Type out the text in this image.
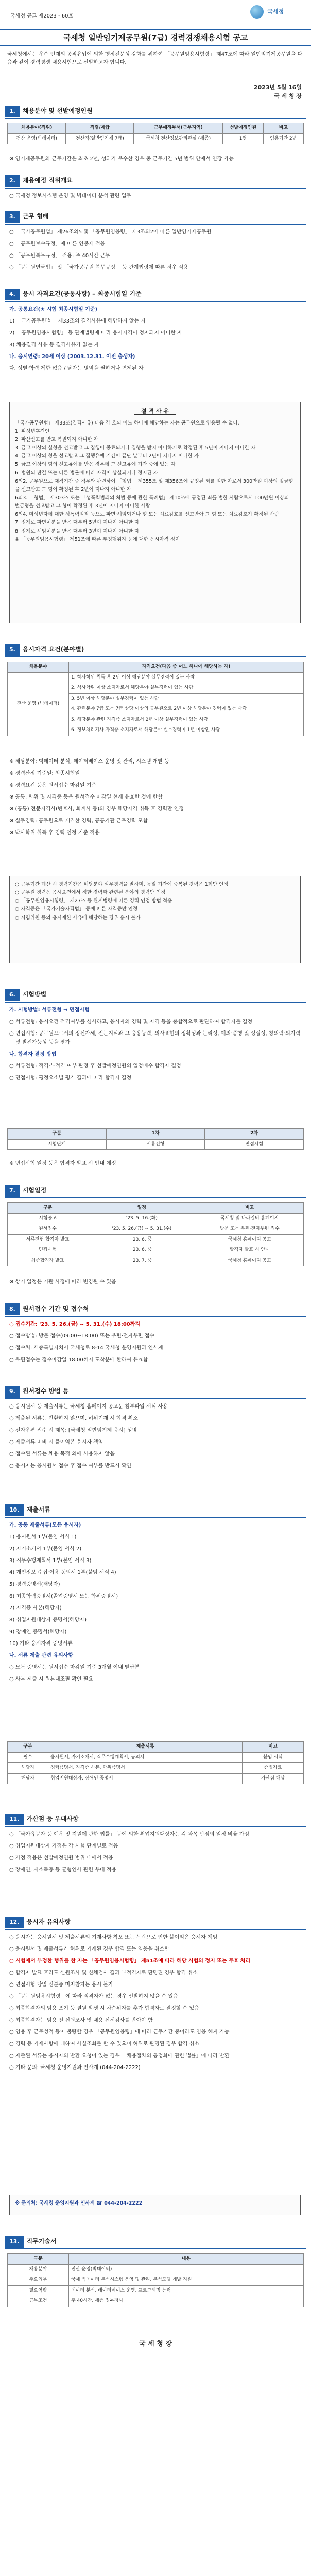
국세청 공고 제2023 - 60호
국세청
국세청 일반임기제공무원(7급) 경력경쟁채용시험 공고
국세청에서는 우수 인재의 공직유입에 의한 행정전문성 강화를 위하여 「공무원임용시험령」 제47조에 따라 일반임기제공무원을 다음과 같이 경력경쟁 채용시험으로 선발하고자 합니다.
2023년 5월 16일
국 세 청 장
1. 채용분야 및 선발예정인원
채용분야(직위)	직렬/계급	근무예정부서(근무지역)	선발예정인원	비고
전산 운영(빅데이터)	전산직(일반임기제 7급)	국세청 전산정보관리관실 (세종)	1명	임용기간 2년

※ 임기제공무원의 근무기간은 최초 2년, 성과가 우수한 경우 총 근무기간 5년 범위 안에서 연장 가능

2. 채용예정 직위개요

○ 국세청 정보시스템 운영 및 빅데이터 분석 관련 업무

3. 근무 형태

○ 「국가공무원법」 제26조의5 및 「공무원임용령」 제3조의2에 따른 일반임기제공무원

○ 「공무원보수규정」에 따른 연봉제 적용

○ 「공무원복무규정」 적용: 주 40시간 근무

○ 「공무원연금법」 및 「국가공무원 복무규정」 등 관계법령에 따른 처우 적용

4. 응시 자격요건(공통사항) – 최종시험일 기준

가. 공통요건(★ 시험 최종시험일 기준)

1) 「국가공무원법」 제33조의 결격사유에 해당하지 않는 자

2) 「공무원임용시험령」 등 관계법령에 따라 응시자격이 정지되지 아니한 자

3) 채용결격 사유 등 결격사유가 없는 자

나. 응시연령: 20세 이상 (2003.12.31. 이전 출생자)

다. 성별·학력 제한 없음 / 남자는 병역을 필하거나 면제된 자

결 격 사 유
「국가공무원법」 제33조(결격사유) 다음 각 호의 어느 하나에 해당하는 자는 공무원으로 임용될 수 없다.
1. 피성년후견인
2. 파산선고를 받고 복권되지 아니한 자
3. 금고 이상의 실형을 선고받고 그 집행이 종료되거나 집행을 받지 아니하기로 확정된 후 5년이 지나지 아니한 자
4. 금고 이상의 형을 선고받고 그 집행유예 기간이 끝난 날부터 2년이 지나지 아니한 자
5. 금고 이상의 형의 선고유예를 받은 경우에 그 선고유예 기간 중에 있는 자
6. 법원의 판결 또는 다른 법률에 따라 자격이 상실되거나 정지된 자
6의2. 공무원으로 재직기간 중 직무와 관련하여 「형법」 제355조 및 제356조에 규정된 죄를 범한 자로서 300만원 이상의 벌금형을 선고받고 그 형이 확정된 후 2년이 지나지 아니한 자
6의3. 「형법」 제303조 또는 「성폭력범죄의 처벌 등에 관한 특례법」 제10조에 규정된 죄를 범한 사람으로서 100만원 이상의 벌금형을 선고받고 그 형이 확정된 후 3년이 지나지 아니한 사람
6의4. 미성년자에 대한 성폭력범죄 등으로 파면·해임되거나 형 또는 치료감호를 선고받아 그 형 또는 치료감호가 확정된 사람
7. 징계로 파면처분을 받은 때부터 5년이 지나지 아니한 자
8. 징계로 해임처분을 받은 때부터 3년이 지나지 아니한 자
※ 「공무원임용시험령」 제51조에 따른 부정행위자 등에 대한 응시자격 정지
5. 응시자격 요건(분야별)
채용분야	자격요건(다음 중 어느 하나에 해당하는 자)
전산 운영 (빅데이터)	1. 학사학위 취득 후 2년 이상 해당분야 실무경력이 있는 사람
	2. 석사학위 이상 소지자로서 해당분야 실무경력이 있는 사람
	3. 5년 이상 해당분야 실무경력이 있는 사람
	4. 관련분야 7급 또는 7급 상당 이상의 공무원으로 2년 이상 해당분야 경력이 있는 사람
	5. 해당분야 관련 자격증 소지자로서 2년 이상 실무경력이 있는 사람
	6. 정보처리기사 자격증 소지자로서 해당분야 실무경력이 1년 이상인 사람

※ 해당분야: 빅데이터 분석, 데이터베이스 운영 및 관리, 시스템 개발 등

※ 경력산정 기준일: 최종시험일

※ 경력요건 등은 원서접수 마감일 기준

※ 공통: 학위 및 자격증 등은 원서접수 마감일 현재 유효한 것에 한함

※ (공통) 전문자격사(변호사, 회계사 등)의 경우 해당자격 취득 후 경력만 인정

※ 실무경력: 공무원으로 재직한 경력, 공공기관 근무경력 포함

※ 박사학위 취득 후 경력 인정 기준 적용

○ 근무기간 계산 시 경력기간은 해당분야 실무경력을 말하며, 동일 기간에 중복된 경력은 1회만 인정
○ 공무원 경력은 응시요건에서 정한 경력과 관련된 분야의 경력만 인정
○ 「공무원임용시험령」 제27조 등 관계법령에 따른 경력 인정 방법 적용
○ 자격증은 「국가기술자격법」 등에 따른 자격증만 인정
○ 시험위원 등의 응시제한 사유에 해당하는 경우 응시 불가
6. 시험방법

가. 시험방법: 서류전형 → 면접시험

○ 서류전형: 응시요건 적격여부를 심사하고, 응시자의 경력 및 자격 등을 종합적으로 판단하여 합격자를 결정

○ 면접시험: 공무원으로서의 정신자세, 전문지식과 그 응용능력, 의사표현의 정확성과 논리성, 예의·품행 및 성실성, 창의력·의지력 및 발전가능성 등을 평가

나. 합격자 결정 방법

○ 서류전형: 적격·부적격 여부 판정 후 선발예정인원의 일정배수 합격자 결정

○ 면접시험: 평정요소별 평가 결과에 따라 합격자 결정

구분	1차	2차
시험단계	서류전형	면접시험

※ 면접시험 일정 등은 합격자 발표 시 안내 예정

7. 시험일정
구분	일정	비고
시험공고	'23. 5. 16.(화)	국세청 및 나라일터 홈페이지
원서접수	'23. 5. 26.(금) ~ 5. 31.(수)	방문 또는 우편·전자우편 접수
서류전형 합격자 발표	'23. 6. 중	국세청 홈페이지 공고
면접시험	'23. 6. 중	합격자 발표 시 안내
최종합격자 발표	'23. 7. 중	국세청 홈페이지 공고

※ 상기 일정은 기관 사정에 따라 변경될 수 있음

8. 원서접수 기간 및 접수처

○ 접수기간: '23. 5. 26.(금) ~ 5. 31.(수) 18:00까지

○ 접수방법: 방문 접수(09:00~18:00) 또는 우편·전자우편 접수

○ 접수처: 세종특별자치시 국세청로 8-14 국세청 운영지원과 인사계

○ 우편접수는 접수마감일 18:00까지 도착분에 한하여 유효함

9. 원서접수 방법 등

○ 응시원서 등 제출서류는 국세청 홈페이지 공고문 첨부파일 서식 사용

○ 제출된 서류는 반환하지 않으며, 허위기재 시 합격 취소

○ 전자우편 접수 시 제목: [국세청 일반임기제 응시] 성명

○ 제출서류 미비 시 불이익은 응시자 책임

○ 접수된 서류는 채용 목적 외에 사용하지 않음

○ 응시자는 응시원서 접수 후 접수 여부를 반드시 확인

10. 제출서류

가. 공통 제출서류(모든 응시자)

1) 응시원서 1부(붙임 서식 1)

2) 자기소개서 1부(붙임 서식 2)

3) 직무수행계획서 1부(붙임 서식 3)

4) 개인정보 수집·이용 동의서 1부(붙임 서식 4)

5) 경력증명서(해당자)

6) 최종학력증명서(졸업증명서 또는 학위증명서)

7) 자격증 사본(해당자)

8) 취업지원대상자 증명서(해당자)

9) 장애인 증명서(해당자)

10) 기타 응시자격 증빙서류

나. 서류 제출 관련 유의사항

○ 모든 증명서는 원서접수 마감일 기준 3개월 이내 발급분

○ 사본 제출 시 원본대조필 확인 필요

구분	제출서류	비고
필수	응시원서, 자기소개서, 직무수행계획서, 동의서	붙임 서식
해당자	경력증명서, 자격증 사본, 학위증명서	증빙자료
해당자	취업지원대상자, 장애인 증명서	가산점 대상
11. 가산점 등 우대사항

○ 「국가유공자 등 예우 및 지원에 관한 법률」 등에 의한 취업지원대상자는 각 과목 만점의 일정 비율 가점

○ 취업지원대상자 가점은 각 시험 단계별로 적용

○ 가점 적용은 선발예정인원 범위 내에서 적용

○ 장애인, 저소득층 등 균형인사 관련 우대 적용

12. 응시자 유의사항

○ 응시자는 응시원서 및 제출서류의 기재사항 착오 또는 누락으로 인한 불이익은 응시자 책임

○ 응시원서 및 제출서류가 허위로 기재된 경우 합격 또는 임용을 취소함

○ 시험에서 부정한 행위를 한 자는 「공무원임용시험령」 제51조에 따라 해당 시험의 정지 또는 무효 처리

○ 합격자 발표 후라도 신원조사 및 신체검사 결과 부적격자로 판명된 경우 합격 취소

○ 면접시험 당일 신분증 미지참자는 응시 불가

○ 「공무원임용시험령」에 따라 적격자가 없는 경우 선발하지 않을 수 있음

○ 최종합격자의 임용 포기 등 결원 발생 시 차순위자를 추가 합격자로 결정할 수 있음

○ 최종합격자는 임용 전 신원조사 및 채용 신체검사를 받아야 함

○ 임용 후 근무성적 등이 불량할 경우 「공무원임용령」에 따라 근무기간 중이라도 임용 해지 가능

○ 경력 등 기재사항에 대하여 사실조회를 할 수 있으며 허위로 판명된 경우 합격 취소

○ 제출된 서류는 응시자의 반환 요청이 있는 경우 「채용절차의 공정화에 관한 법률」에 따라 반환

○ 기타 문의: 국세청 운영지원과 인사계 (044-204-2222)

※ 문의처: 국세청 운영지원과 인사계 ☎ 044-204-2222
13. 직무기술서
구분	내용
채용분야	전산 운영(빅데이터)
주요업무	국세 빅데이터 분석시스템 운영 및 관리, 분석모델 개발 지원
필요역량	데이터 분석, 데이터베이스 운영, 프로그래밍 능력
근무조건	주 40시간, 세종 정부청사
국 세 청 장
